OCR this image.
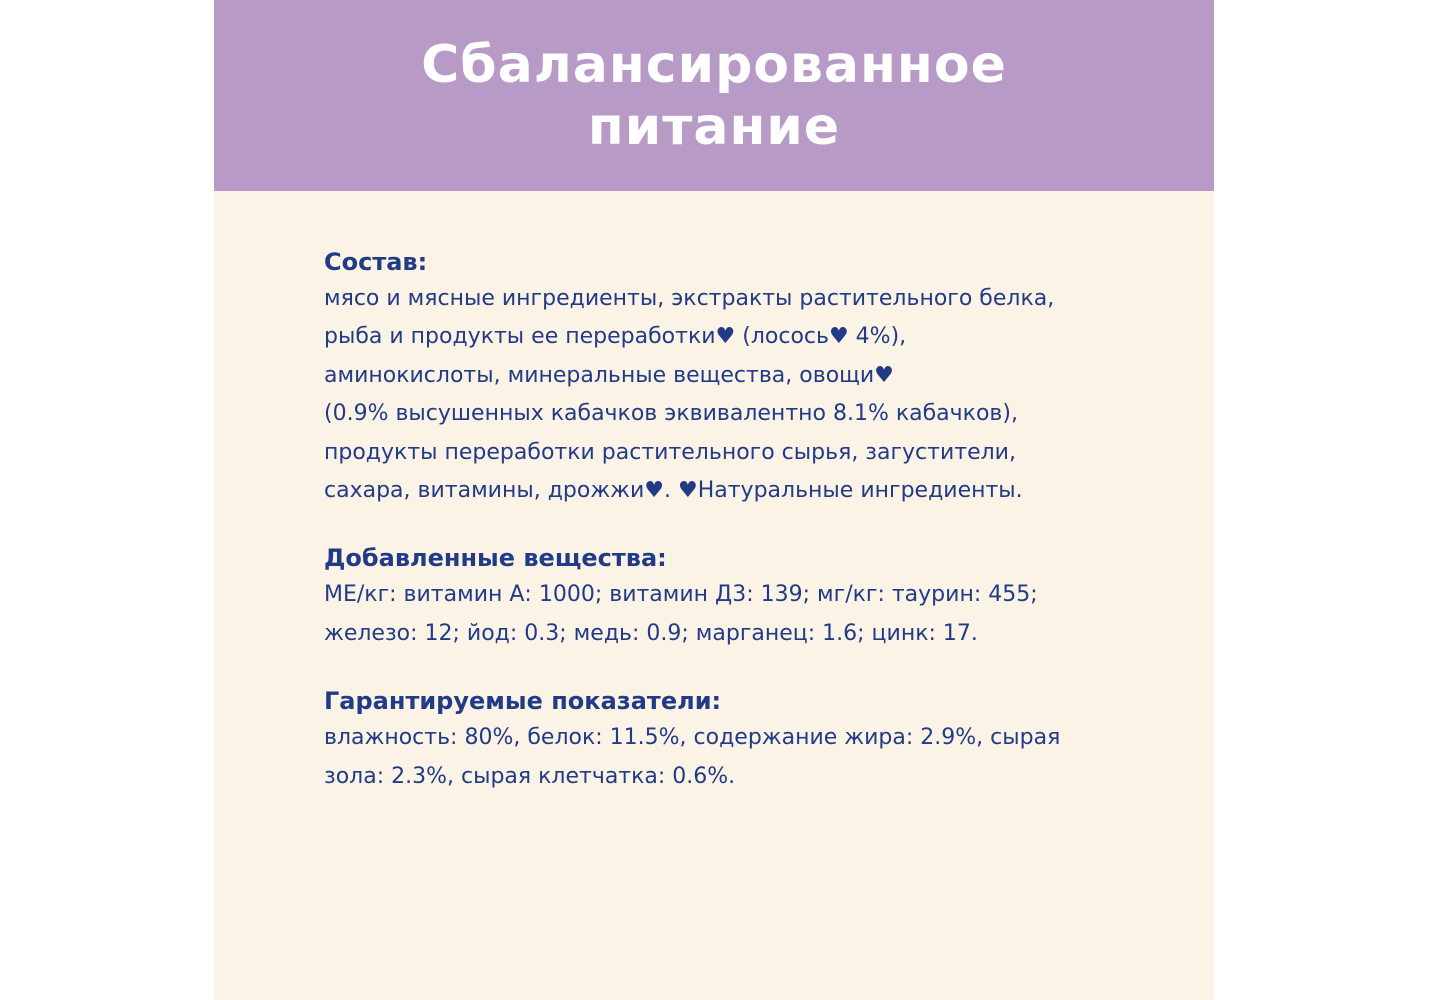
Сбалансированное
питание

Состав:

мясо и мясные ингредиенты, экстракты растительного белка,

рыба и продукты ее переработки♥ (лосось♥ 4%),

аминокислоты, минеральные вещества, овощи♥

(0.9% высушенных кабачков эквивалентно 8.1% кабачков),

продукты переработки растительного сырья, загустители,

сахара, витамины, дрожжи♥. ♥Натуральные ингредиенты.

Добавленные вещества:

МЕ/кг: витамин А: 1000; витамин Д3: 139; мг/кг: таурин: 455;

железо: 12; йод: 0.3; медь: 0.9; марганец: 1.6; цинк: 17.

Гарантируемые показатели:

влажность: 80%, белок: 11.5%, содержание жира: 2.9%, сырая

зола: 2.3%, сырая клетчатка: 0.6%.
